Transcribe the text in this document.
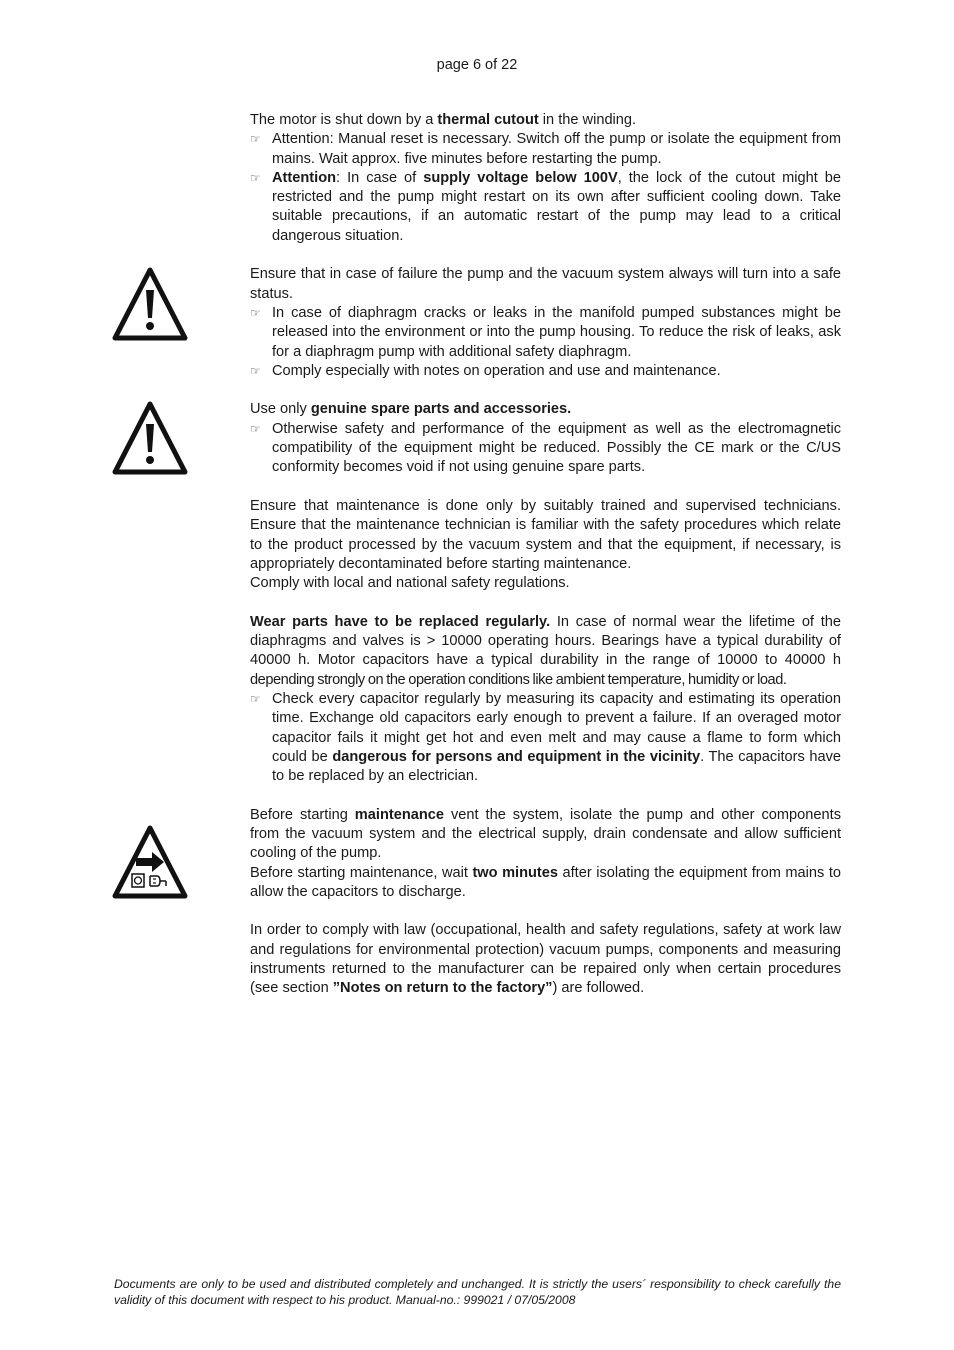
page 6 of 22

The motor is shut down by a thermal cutout in the winding.

☞ Attention: Manual reset is necessary. Switch off the pump or isolate the equipment from mains. Wait approx. five minutes before restarting the pump.

☞ Attention: In case of supply voltage below 100V, the lock of the cutout might be restricted and the pump might restart on its own after sufficient cooling down. Take suitable precautions, if an automatic restart of the pump may lead to a critical dangerous situation.

Ensure that in case of failure the pump and the vacuum system always will turn into a safe status.

☞ In case of diaphragm cracks or leaks in the manifold pumped substances might be released into the environment or into the pump housing. To reduce the risk of leaks, ask for a diaphragm pump with additional safety diaphragm.

☞ Comply especially with notes on operation and use and maintenance.

Use only genuine spare parts and accessories.

☞ Otherwise safety and performance of the equipment as well as the electromagnetic compatibility of the equipment might be reduced. Possibly the CE mark or the C/US conformity becomes void if not using genuine spare parts.

Ensure that maintenance is done only by suitably trained and supervised technicians. Ensure that the maintenance technician is familiar with the safety procedures which relate to the product processed by the vacuum system and that the equipment, if necessary, is appropriately decontaminated before starting maintenance.

Comply with local and national safety regulations.

Wear parts have to be replaced regularly. In case of normal wear the lifetime of the diaphragms and valves is > 10000 operating hours. Bearings have a typical durability of 40000 h. Motor capacitors have a typical durability in the range of 10000 to 40000 h depending strongly on the operation conditions like ambient temperature, humidity or load.

☞ Check every capacitor regularly by measuring its capacity and estimating its operation time. Exchange old capacitors early enough to prevent a failure. If an overaged motor capacitor fails it might get hot and even melt and may cause a flame to form which could be dangerous for persons and equipment in the vicinity. The capacitors have to be replaced by an electrician.

Before starting maintenance vent the system, isolate the pump and other components from the vacuum system and the electrical supply, drain condensate and allow sufficient cooling of the pump.

Before starting maintenance, wait two minutes after isolating the equipment from mains to allow the capacitors to discharge.

In order to comply with law (occupational, health and safety regulations, safety at work law and regulations for environmental protection) vacuum pumps, components and measuring instruments returned to the manufacturer can be repaired only when certain procedures (see section ”Notes on return to the factory”) are followed.

Documents are only to be used and distributed completely and unchanged. It is strictly the users´ responsibility to check carefully the validity of this document with respect to his product. Manual-no.: 999021 / 07/05/2008
